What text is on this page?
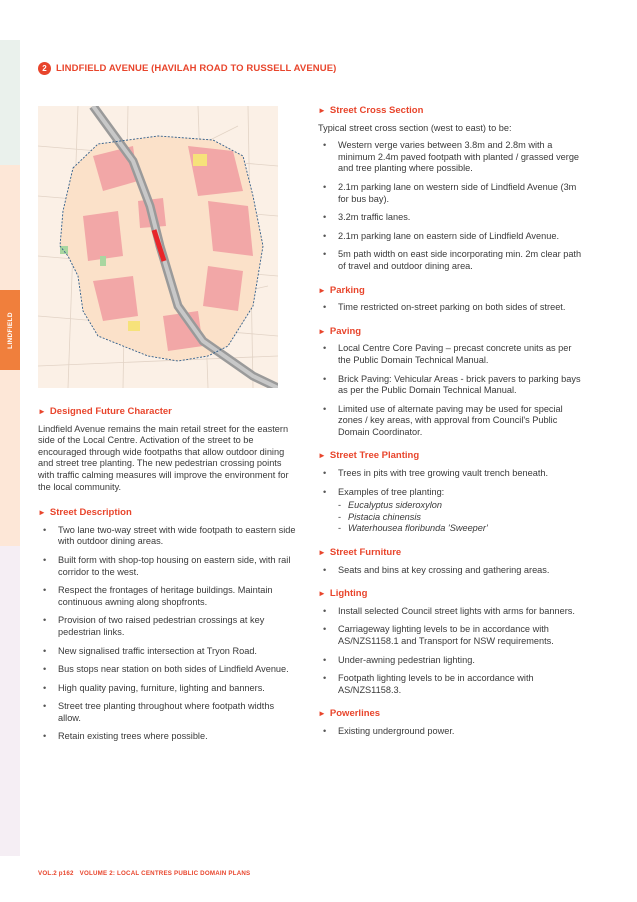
LINDFIELD
2 LINDFIELD AVENUE (HAVILAH ROAD TO RUSSELL AVENUE)
► Designed Future Character

Lindfield Avenue remains the main retail street for the eastern side of the Local Centre. Activation of the street to be encouraged through wide footpaths that allow outdoor dining and street tree planting. The new pedestrian crossing points with traffic calming measures will improve the environment for the local community.

► Street Description
• Two lane two-way street with wide footpath to eastern side with outdoor dining areas.
• Built form with shop-top housing on eastern side, with rail corridor to the west.
• Respect the frontages of heritage buildings. Maintain continuous awning along shopfronts.
• Provision of two raised pedestrian crossings at key pedestrian links.
• New signalised traffic intersection at Tryon Road.
• Bus stops near station on both sides of Lindfield Avenue.
• High quality paving, furniture, lighting and banners.
• Street tree planting throughout where footpath widths allow.
• Retain existing trees where possible.
► Street Cross Section

Typical street cross section (west to east) to be:

• Western verge varies between 3.8m and 2.8m with a minimum 2.4m paved footpath with planted / grassed verge and tree planting where possible.
• 2.1m parking lane on western side of Lindfield Avenue (3m for bus bay).
• 3.2m traffic lanes.
• 2.1m parking lane on eastern side of Lindfield Avenue.
• 5m path width on east side incorporating min. 2m clear path of travel and outdoor dining area.
► Parking
• Time restricted on-street parking on both sides of street.
► Paving
• Local Centre Core Paving – precast concrete units as per the Public Domain Technical Manual.
• Brick Paving: Vehicular Areas - brick pavers to parking bays as per the Public Domain Technical Manual.
• Limited use of alternate paving may be used for special zones / key areas, with approval from Council's Public Domain Coordinator.
► Street Tree Planting
• Trees in pits with tree growing vault trench beneath.
• Examples of tree planting:
- Eucalyptus sideroxylon
- Pistacia chinensis
- Waterhousea floribunda 'Sweeper'
► Street Furniture
• Seats and bins at key crossing and gathering areas.
► Lighting
• Install selected Council street lights with arms for banners.
• Carriageway lighting levels to be in accordance with AS/NZS1158.1 and Transport for NSW requirements.
• Under-awning pedestrian lighting.
• Footpath lighting levels to be in accordance with AS/NZS1158.3.
► Powerlines
• Existing underground power.
VOL.2 p162 VOLUME 2: LOCAL CENTRES PUBLIC DOMAIN PLANS
